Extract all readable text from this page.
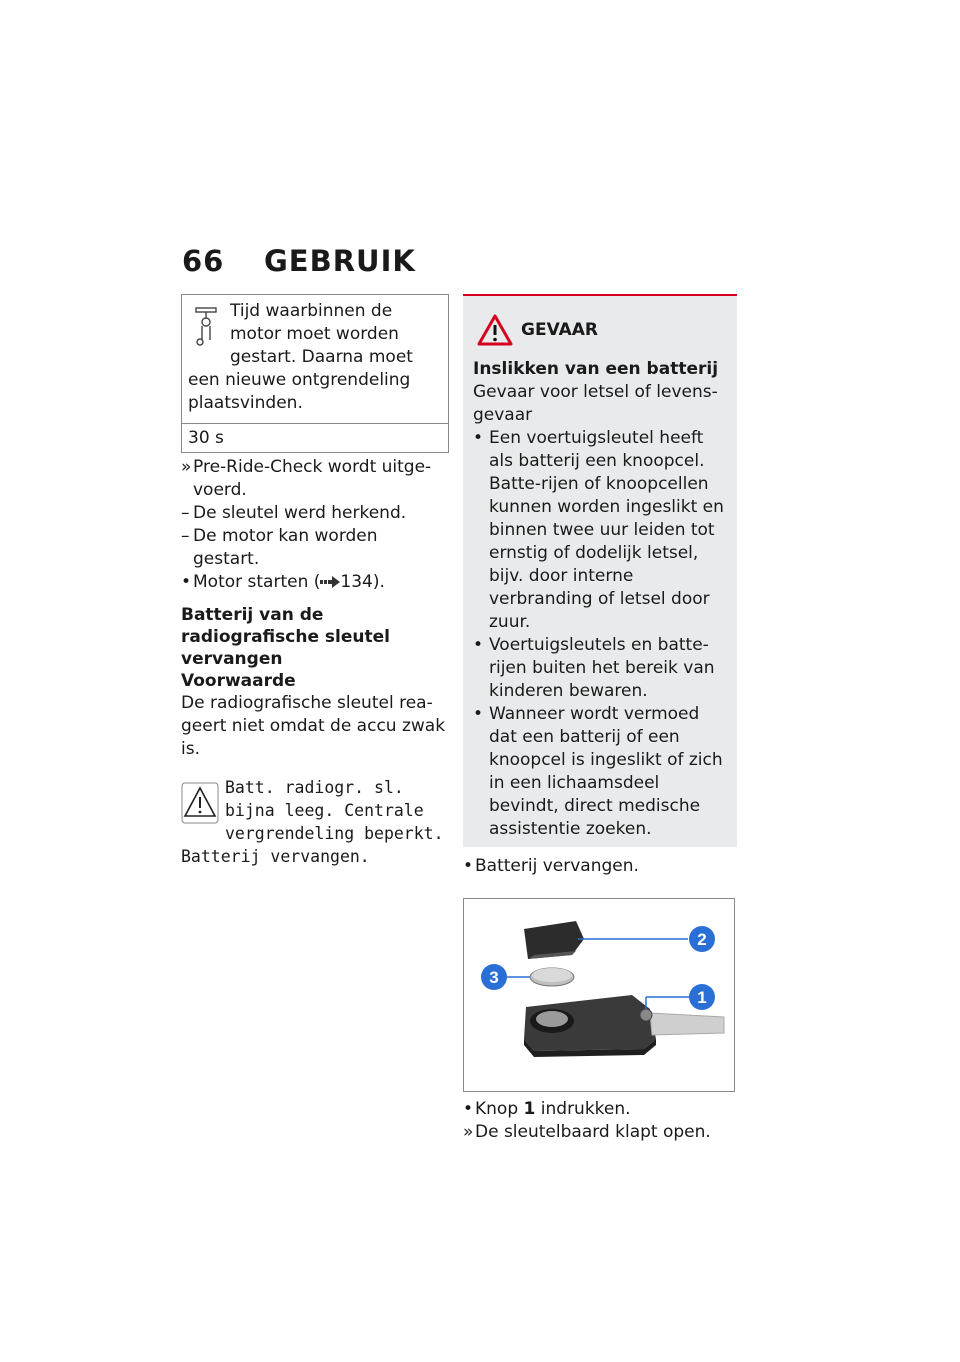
66 GEBRUIK
Tijd waarbinnen de motor moet worden gestart. Daarna moet een nieuwe ontgrendeling plaatsvinden.
30 s
» Pre-Ride-Check wordt uitge-
voerd.
– De sleutel werd herkend.
– De motor kan worden gestart.
• Motor starten ( 134).
Batterij van de radiografische sleutel vervangen
Voorwaarde
De radiografische sleutel rea-geert niet omdat de accu zwak is.
Batt. radiogr. sl. bijna leeg. Centrale vergrendeling beperkt. Batterij vervangen.
GEVAAR
Inslikken van een batterij
Gevaar voor letsel of levens-gevaar
• Een voertuigsleutel heeft als batterij een knoopcel. Batte-rijen of knoopcellen kunnen worden ingeslikt en binnen twee uur leiden tot ernstig of dodelijk letsel, bijv. door interne verbranding of letsel door zuur.
• Voertuigsleutels en batte-rijen buiten het bereik van kinderen bewaren.
• Wanneer wordt vermoed dat een batterij of een knoopcel is ingeslikt of zich in een lichaamsdeel bevindt, direct medische assistentie zoeken.
• Batterij vervangen.
2
3
1
• Knop 1 indrukken.
» De sleutelbaard klapt open.
